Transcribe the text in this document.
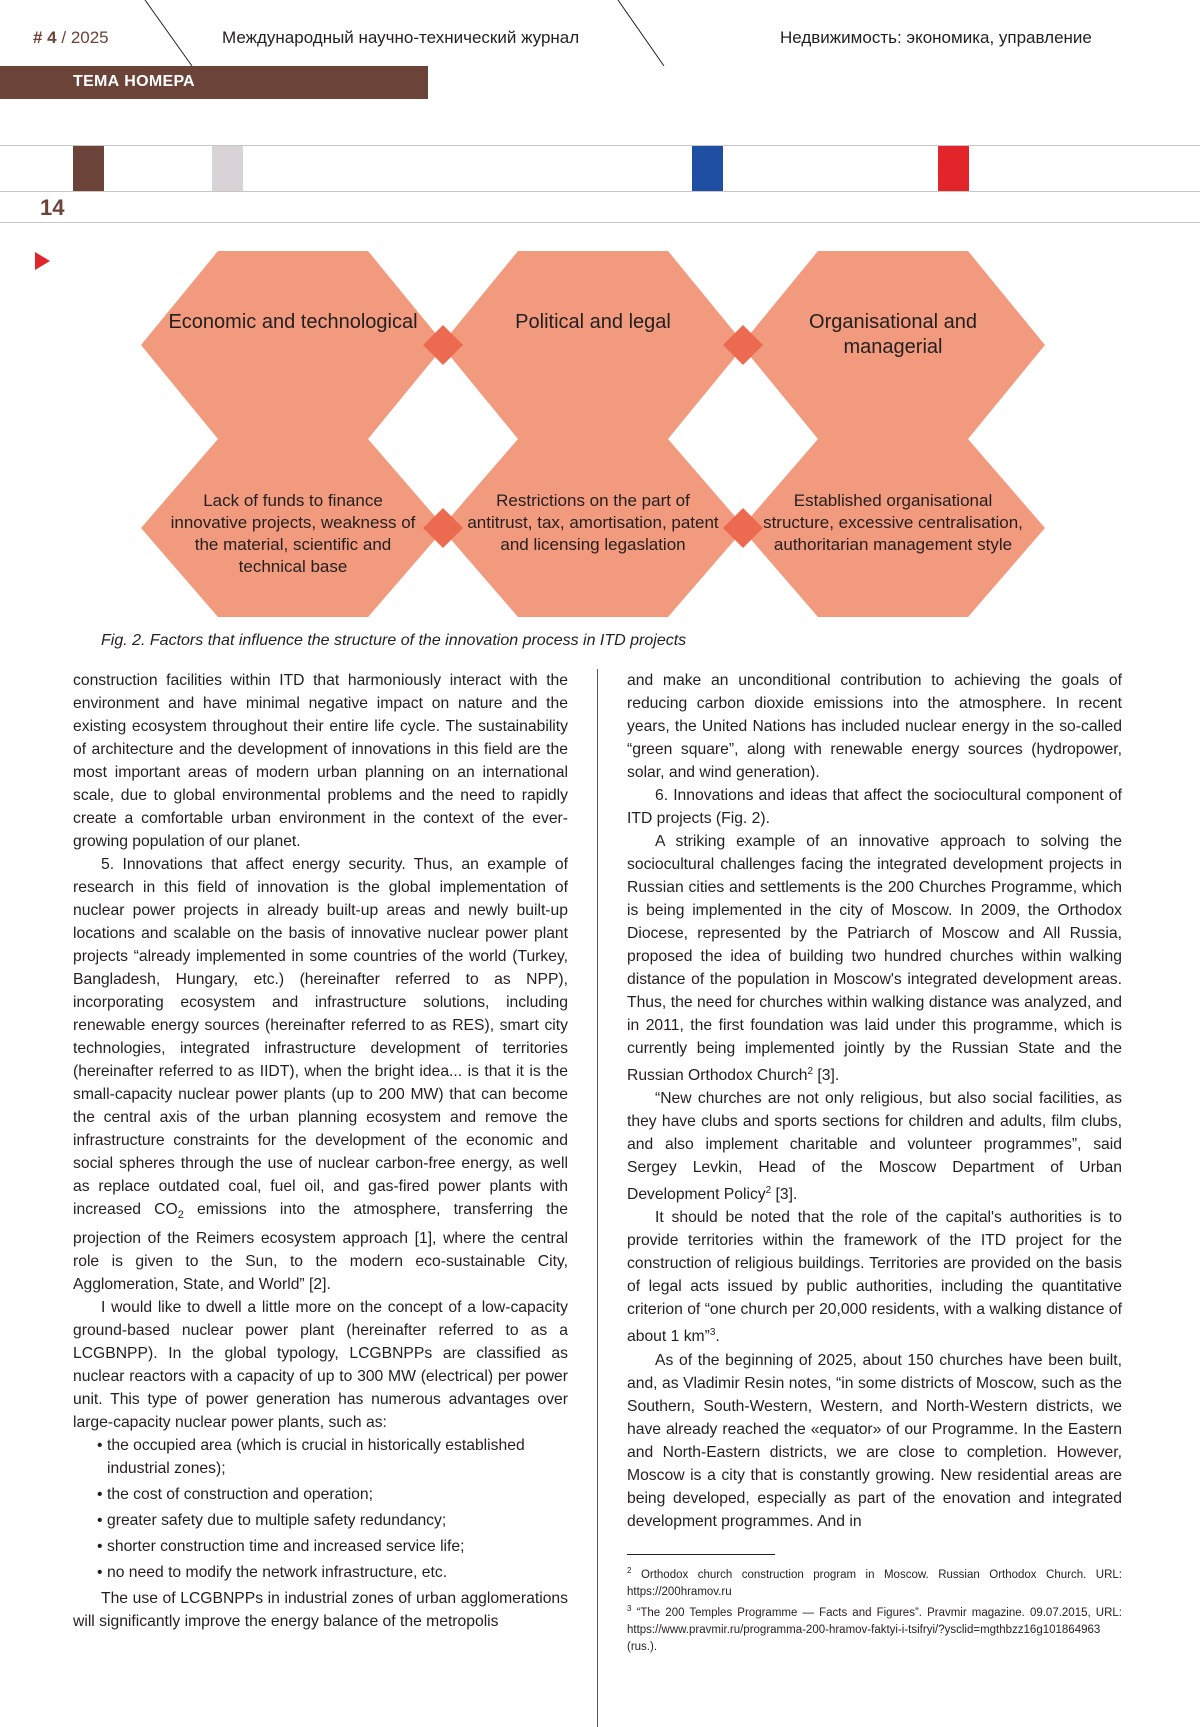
# 4 / 2025	Международный научно-технический журнал	Недвижимость: экономика, управление
ТЕМА НОМЕРА
14
Economic and technological	Political and legal	Organisational and managerial
Lack of funds to finance innovative projects, weakness of the material, scientific and technical base
Restrictions on the part of antitrust, tax, amortisation, patent and licensing legaslation
Established organisational structure, excessive centralisation, authoritarian management style
Fig. 2. Factors that influence the structure of the innovation process in ITD projects

construction facilities within ITD that harmoniously interact with the environment and have minimal negative impact on nature and the existing ecosystem throughout their entire life cycle. The sustainability of architecture and the development of innovations in this field are the most important areas of modern urban planning on an international scale, due to global environmental problems and the need to rapidly create a comfortable urban environment in the context of the ever-growing population of our planet.

5. Innovations that affect energy security. Thus, an example of research in this field of innovation is the global implementation of nuclear power projects in already built-up areas and newly built-up locations and scalable on the basis of innovative nuclear power plant projects “already implemented in some countries of the world (Turkey, Bangladesh, Hungary, etc.) (hereinafter referred to as NPP), incorporating ecosystem and infrastructure solutions, including renewable energy sources (hereinafter referred to as RES), smart city technologies, integrated infrastructure development of territories (hereinafter referred to as IIDT), when the bright idea... is that it is the small-capacity nuclear power plants (up to 200 MW) that can become the central axis of the urban planning ecosystem and remove the infrastructure constraints for the development of the economic and social spheres through the use of nuclear carbon-free energy, as well as replace outdated coal, fuel oil, and gas-fired power plants with increased $CO_2$ emissions into the atmosphere, transferring the projection of the Reimers ecosystem approach [1], where the central role is given to the Sun, to the modern eco-sustainable City, Agglomeration, State, and World” [2].

I would like to dwell a little more on the concept of a low-capacity ground-based nuclear power plant (hereinafter referred to as a LCGBNPP). In the global typology, LCGBNPPs are classified as nuclear reactors with a capacity of up to 300 MW (electrical) per power unit. This type of power generation has numerous advantages over large-capacity nuclear power plants, such as:

• the occupied area (which is crucial in historically established industrial zones);
• the cost of construction and operation;
• greater safety due to multiple safety redundancy;
• shorter construction time and increased service life;
• no need to modify the network infrastructure, etc.

The use of LCGBNPPs in industrial zones of urban agglomerations will significantly improve the energy balance of the metropolis

and make an unconditional contribution to achieving the goals of reducing carbon dioxide emissions into the atmosphere. In recent years, the United Nations has included nuclear energy in the so-called “green square”, along with renewable energy sources (hydropower, solar, and wind generation).

6. Innovations and ideas that affect the sociocultural component of ITD projects (Fig. 2).

A striking example of an innovative approach to solving the sociocultural challenges facing the integrated development projects in Russian cities and settlements is the 200 Churches Programme, which is being implemented in the city of Moscow. In 2009, the Orthodox Diocese, represented by the Patriarch of Moscow and All Russia, proposed the idea of building two hundred churches within walking distance of the population in Moscow's integrated development areas. Thus, the need for churches within walking distance was analyzed, and in 2011, the first foundation was laid under this programme, which is currently being implemented jointly by the Russian State and the Russian Orthodox Church$^2$ [3].

“New churches are not only religious, but also social facilities, as they have clubs and sports sections for children and adults, film clubs, and also implement charitable and volunteer programmes”, said Sergey Levkin, Head of the Moscow Department of Urban Development Policy$^2$ [3].

It should be noted that the role of the capital's authorities is to provide territories within the framework of the ITD project for the construction of religious buildings. Territories are provided on the basis of legal acts issued by public authorities, including the quantitative criterion of “one church per 20,000 residents, with a walking distance of about 1 km”$^3$.

As of the beginning of 2025, about 150 churches have been built, and, as Vladimir Resin notes, “in some districts of Moscow, such as the Southern, South-Western, Western, and North-Western districts, we have already reached the «equator» of our Programme. In the Eastern and North-Eastern districts, we are close to completion. However, Moscow is a city that is constantly growing. New residential areas are being developed, especially as part of the enovation and integrated development programmes. And in

$^2$ Orthodox church construction program in Moscow. Russian Orthodox Church. URL: https://200hramov.ru
$^3$ “The 200 Temples Programme — Facts and Figures”. Pravmir magazine. 09.07.2015, URL: https://www.pravmir.ru/programma-200-hramov-faktyi-i-tsifryi/?ysclid=mgthbzz16g101864963 (rus.).
